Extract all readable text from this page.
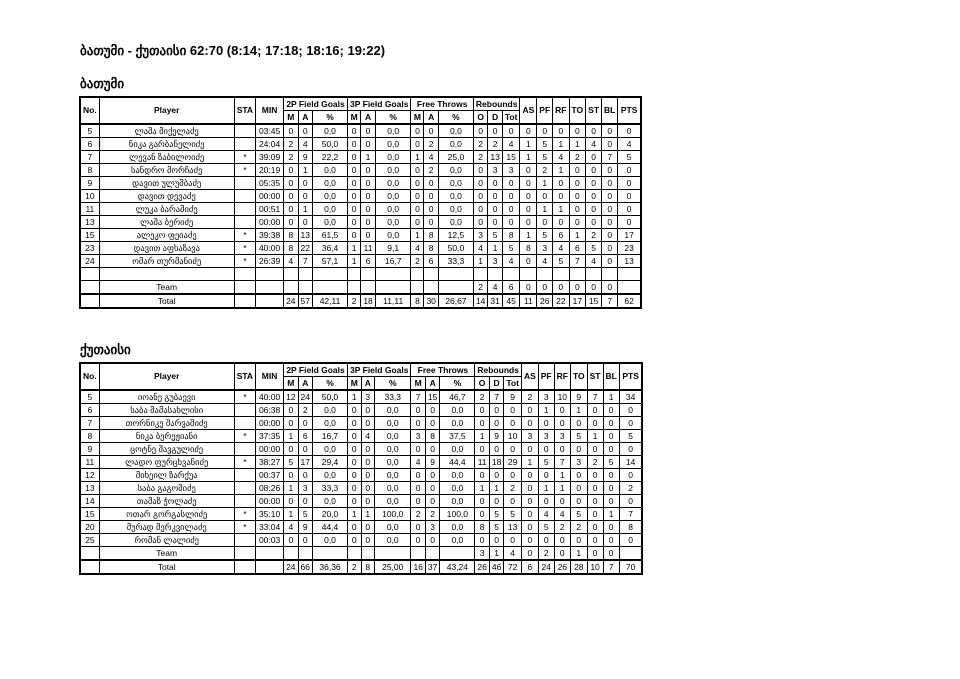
ბათუმი - ქუთაისი 62:70 (8:14; 17:18; 18:16; 19:22)
ბათუმი
No.	Player	STA	MIN	2P Field Goals			3P Field Goals			Free Throws			Rebounds			AS	PF	RF	TO	ST	BL	PTS
				M	A	%	M	A	%	M	A	%	O	D	Tot							
5	ლაშა მიქელაძე		03:45	0	0	0,0	0	0	0,0	0	0	0,0	0	0	0	0	0	0	0	0	0	0
6	ნიკა გარბანელიძე		24:04	2	4	50,0	0	0	0,0	0	2	0,0	2	2	4	1	5	1	1	4	0	4
7	ლევან ზაბილოიძე	*	39:09	2	9	22,2	0	1	0,0	1	4	25,0	2	13	15	1	5	4	2	0	7	5
8	სანდრო მორჩაძე	*	20:19	0	1	0,0	0	0	0,0	0	2	0,0	0	3	3	0	2	1	0	0	0	0
9	დავით ულუმბაძე		05:35	0	0	0,0	0	0	0,0	0	0	0,0	0	0	0	0	1	0	0	0	0	0
10	დავით დევაძე		00:00	0	0	0,0	0	0	0,0	0	0	0,0	0	0	0	0	0	0	0	0	0	0
11	ლუკა ბარამიძე		00:51	0	1	0,0	0	0	0,0	0	0	0,0	0	0	0	0	1	1	0	0	0	0
13	ლაშა ბერიძე		00:00	0	0	0,0	0	0	0,0	0	0	0,0	0	0	0	0	0	0	0	0	0	0
15	ალეკო ფეიაძე	*	39:38	8	13	61,5	0	0	0,0	1	8	12,5	3	5	8	1	5	6	1	2	0	17
23	დავით აფხაზავა	*	40:00	8	22	36,4	1	11	9,1	4	8	50,0	4	1	5	8	3	4	6	5	0	23
24	ომარ თურმანიძე	*	26:39	4	7	57,1	1	6	16,7	2	6	33,3	1	3	4	0	4	5	7	4	0	13

	Team												2	4	6	0	0	0	0	0	0	
	Total			24	57	42,11	2	18	11,11	8	30	26,67	14	31	45	11	26	22	17	15	7	62
ქუთაისი
No.	Player	STA	MIN	2P Field Goals			3P Field Goals			Free Throws			Rebounds			AS	PF	RF	TO	ST	BL	PTS
				M	A	%	M	A	%	M	A	%	O	D	Tot							
5	იოანე გუბაევი	*	40:00	12	24	50,0	1	3	33,3	7	15	46,7	2	7	9	2	3	10	9	7	1	34
6	საბა მამასახლისი		06:38	0	2	0,0	0	0	0,0	0	0	0,0	0	0	0	0	1	0	1	0	0	0
7	თორნიკე შარვაშიძე		00:00	0	0	0,0	0	0	0,0	0	0	0,0	0	0	0	0	0	0	0	0	0	0
8	ნიკა ბერეჟიანი	*	37:35	1	6	16,7	0	4	0,0	3	8	37,5	1	9	10	3	3	3	5	1	0	5
9	ცოტნე შავგულიძე		00:00	0	0	0,0	0	0	0,0	0	0	0,0	0	0	0	0	0	0	0	0	0	0
11	ლადო ფურცხვანიძე	*	38:27	5	17	29,4	0	0	0,0	4	9	44,4	11	18	29	1	5	7	3	2	5	14
12	მიხეილ ზარქუა		00:37	0	0	0,0	0	0	0,0	0	0	0,0	0	0	0	0	0	1	0	0	0	0
13	საბა გაგოშიძე		08:26	1	3	33,3	0	0	0,0	0	0	0,0	1	1	2	0	1	1	0	0	0	2
14	თამაზ ჭოლაძე		00:00	0	0	0,0	0	0	0,0	0	0	0,0	0	0	0	0	0	0	0	0	0	0
15	ოთარ გორგასლიძე	*	35:10	1	5	20,0	1	1	100,0	2	2	100,0	0	5	5	0	4	4	5	0	1	7
20	მურად მერკვილაძე	*	33:04	4	9	44,4	0	0	0,0	0	3	0,0	8	5	13	0	5	2	2	0	0	8
25	რომან ლალიძე		00:03	0	0	0,0	0	0	0,0	0	0	0,0	0	0	0	0	0	0	0	0	0	0
	Team												3	1	4	0	2	0	1	0	0	
	Total			24	66	36,36	2	8	25,00	16	37	43,24	26	46	72	6	24	26	28	10	7	70
